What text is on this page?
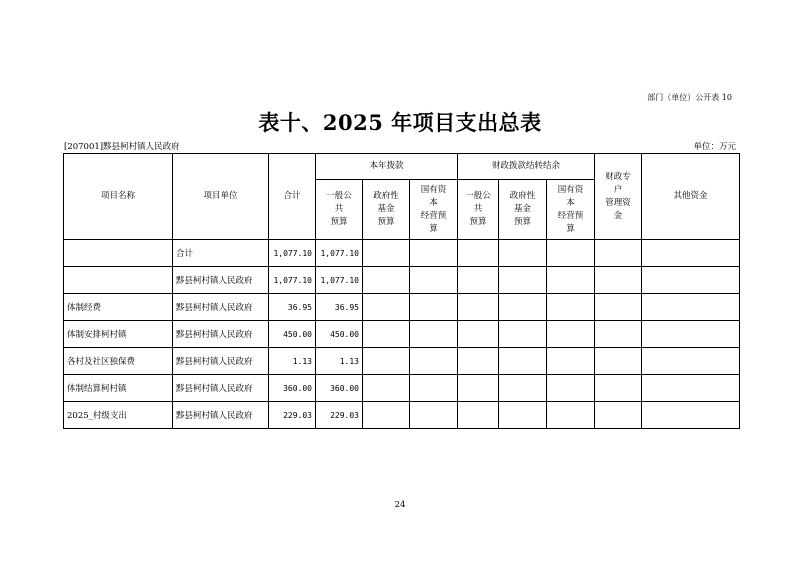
部门（单位）公开表 10
表十、2025 年项目支出总表
[207001]黟县柯村镇人民政府	单位：万元
项目名称	项目单位	合计	本年拨款			财政拨款结转结余			财政专
户
管理资
金	其他资金

			一般公
共
预算	政府性
基金
预算	国有资
本
经营预
算	一般公
共
预算	政府性
基金
预算	国有资
本
经营预
算		

	合计	1,077.10	1,077.10							
	黟县柯村镇人民政府	1,077.10	1,077.10							
体制经费	黟县柯村镇人民政府	36.95	36.95							
体制安排柯村镇	黟县柯村镇人民政府	450.00	450.00							
各村及社区独保费	黟县柯村镇人民政府	1.13	1.13							
体制结算柯村镇	黟县柯村镇人民政府	360.00	360.00							
2025_村级支出	黟县柯村镇人民政府	229.03	229.03							
24
